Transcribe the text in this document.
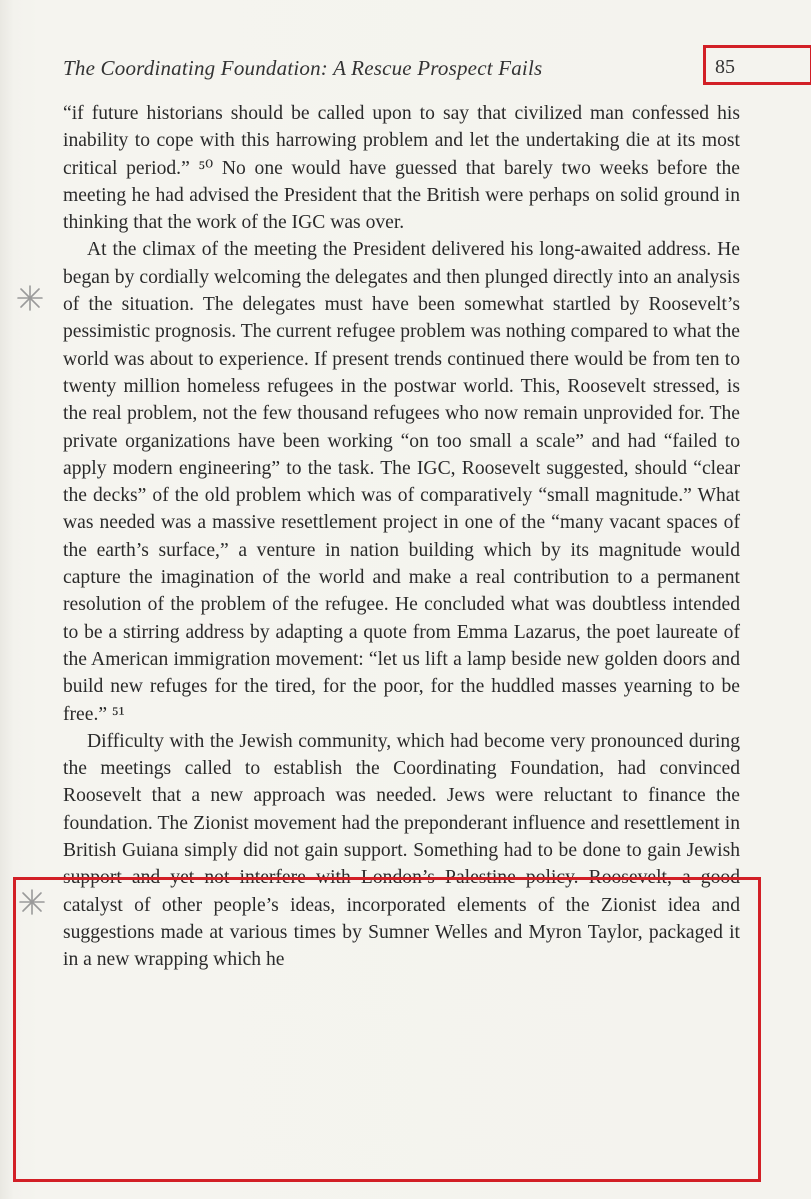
The Coordinating Foundation: A Rescue Prospect Fails	85

“if future historians should be called upon to say that civilized man confessed his inability to cope with this harrowing problem and let the undertaking die at its most critical period.” ⁵⁰ No one would have guessed that barely two weeks before the meeting he had advised the President that the British were perhaps on solid ground in thinking that the work of the IGC was over.

At the climax of the meeting the President delivered his long-awaited address. He began by cordially welcoming the delegates and then plunged directly into an analysis of the situation. The delegates must have been somewhat startled by Roosevelt’s pessimistic prognosis. The current refugee problem was nothing compared to what the world was about to experience. If present trends continued there would be from ten to twenty million homeless refugees in the postwar world. This, Roosevelt stressed, is the real problem, not the few thousand refugees who now remain unprovided for. The private organizations have been working “on too small a scale” and had “failed to apply modern engineering” to the task. The IGC, Roosevelt suggested, should “clear the decks” of the old problem which was of comparatively “small magnitude.” What was needed was a massive resettlement project in one of the “many vacant spaces of the earth’s surface,” a venture in nation building which by its magnitude would capture the imagination of the world and make a real contribution to a permanent resolution of the problem of the refugee. He concluded what was doubtless intended to be a stirring address by adapting a quote from Emma Lazarus, the poet laureate of the American immigration movement: “let us lift a lamp beside new golden doors and build new refuges for the tired, for the poor, for the huddled masses yearning to be free.” ⁵¹

Difficulty with the Jewish community, which had become very pronounced during the meetings called to establish the Coordinating Foundation, had convinced Roosevelt that a new approach was needed. Jews were reluctant to finance the foundation. The Zionist movement had the preponderant influence and resettlement in British Guiana simply did not gain support. Something had to be done to gain Jewish support and yet not interfere with London’s Palestine policy. Roosevelt, a good catalyst of other people’s ideas, incorporated elements of the Zionist idea and suggestions made at various times by Sumner Welles and Myron Taylor, packaged it in a new wrapping which he
